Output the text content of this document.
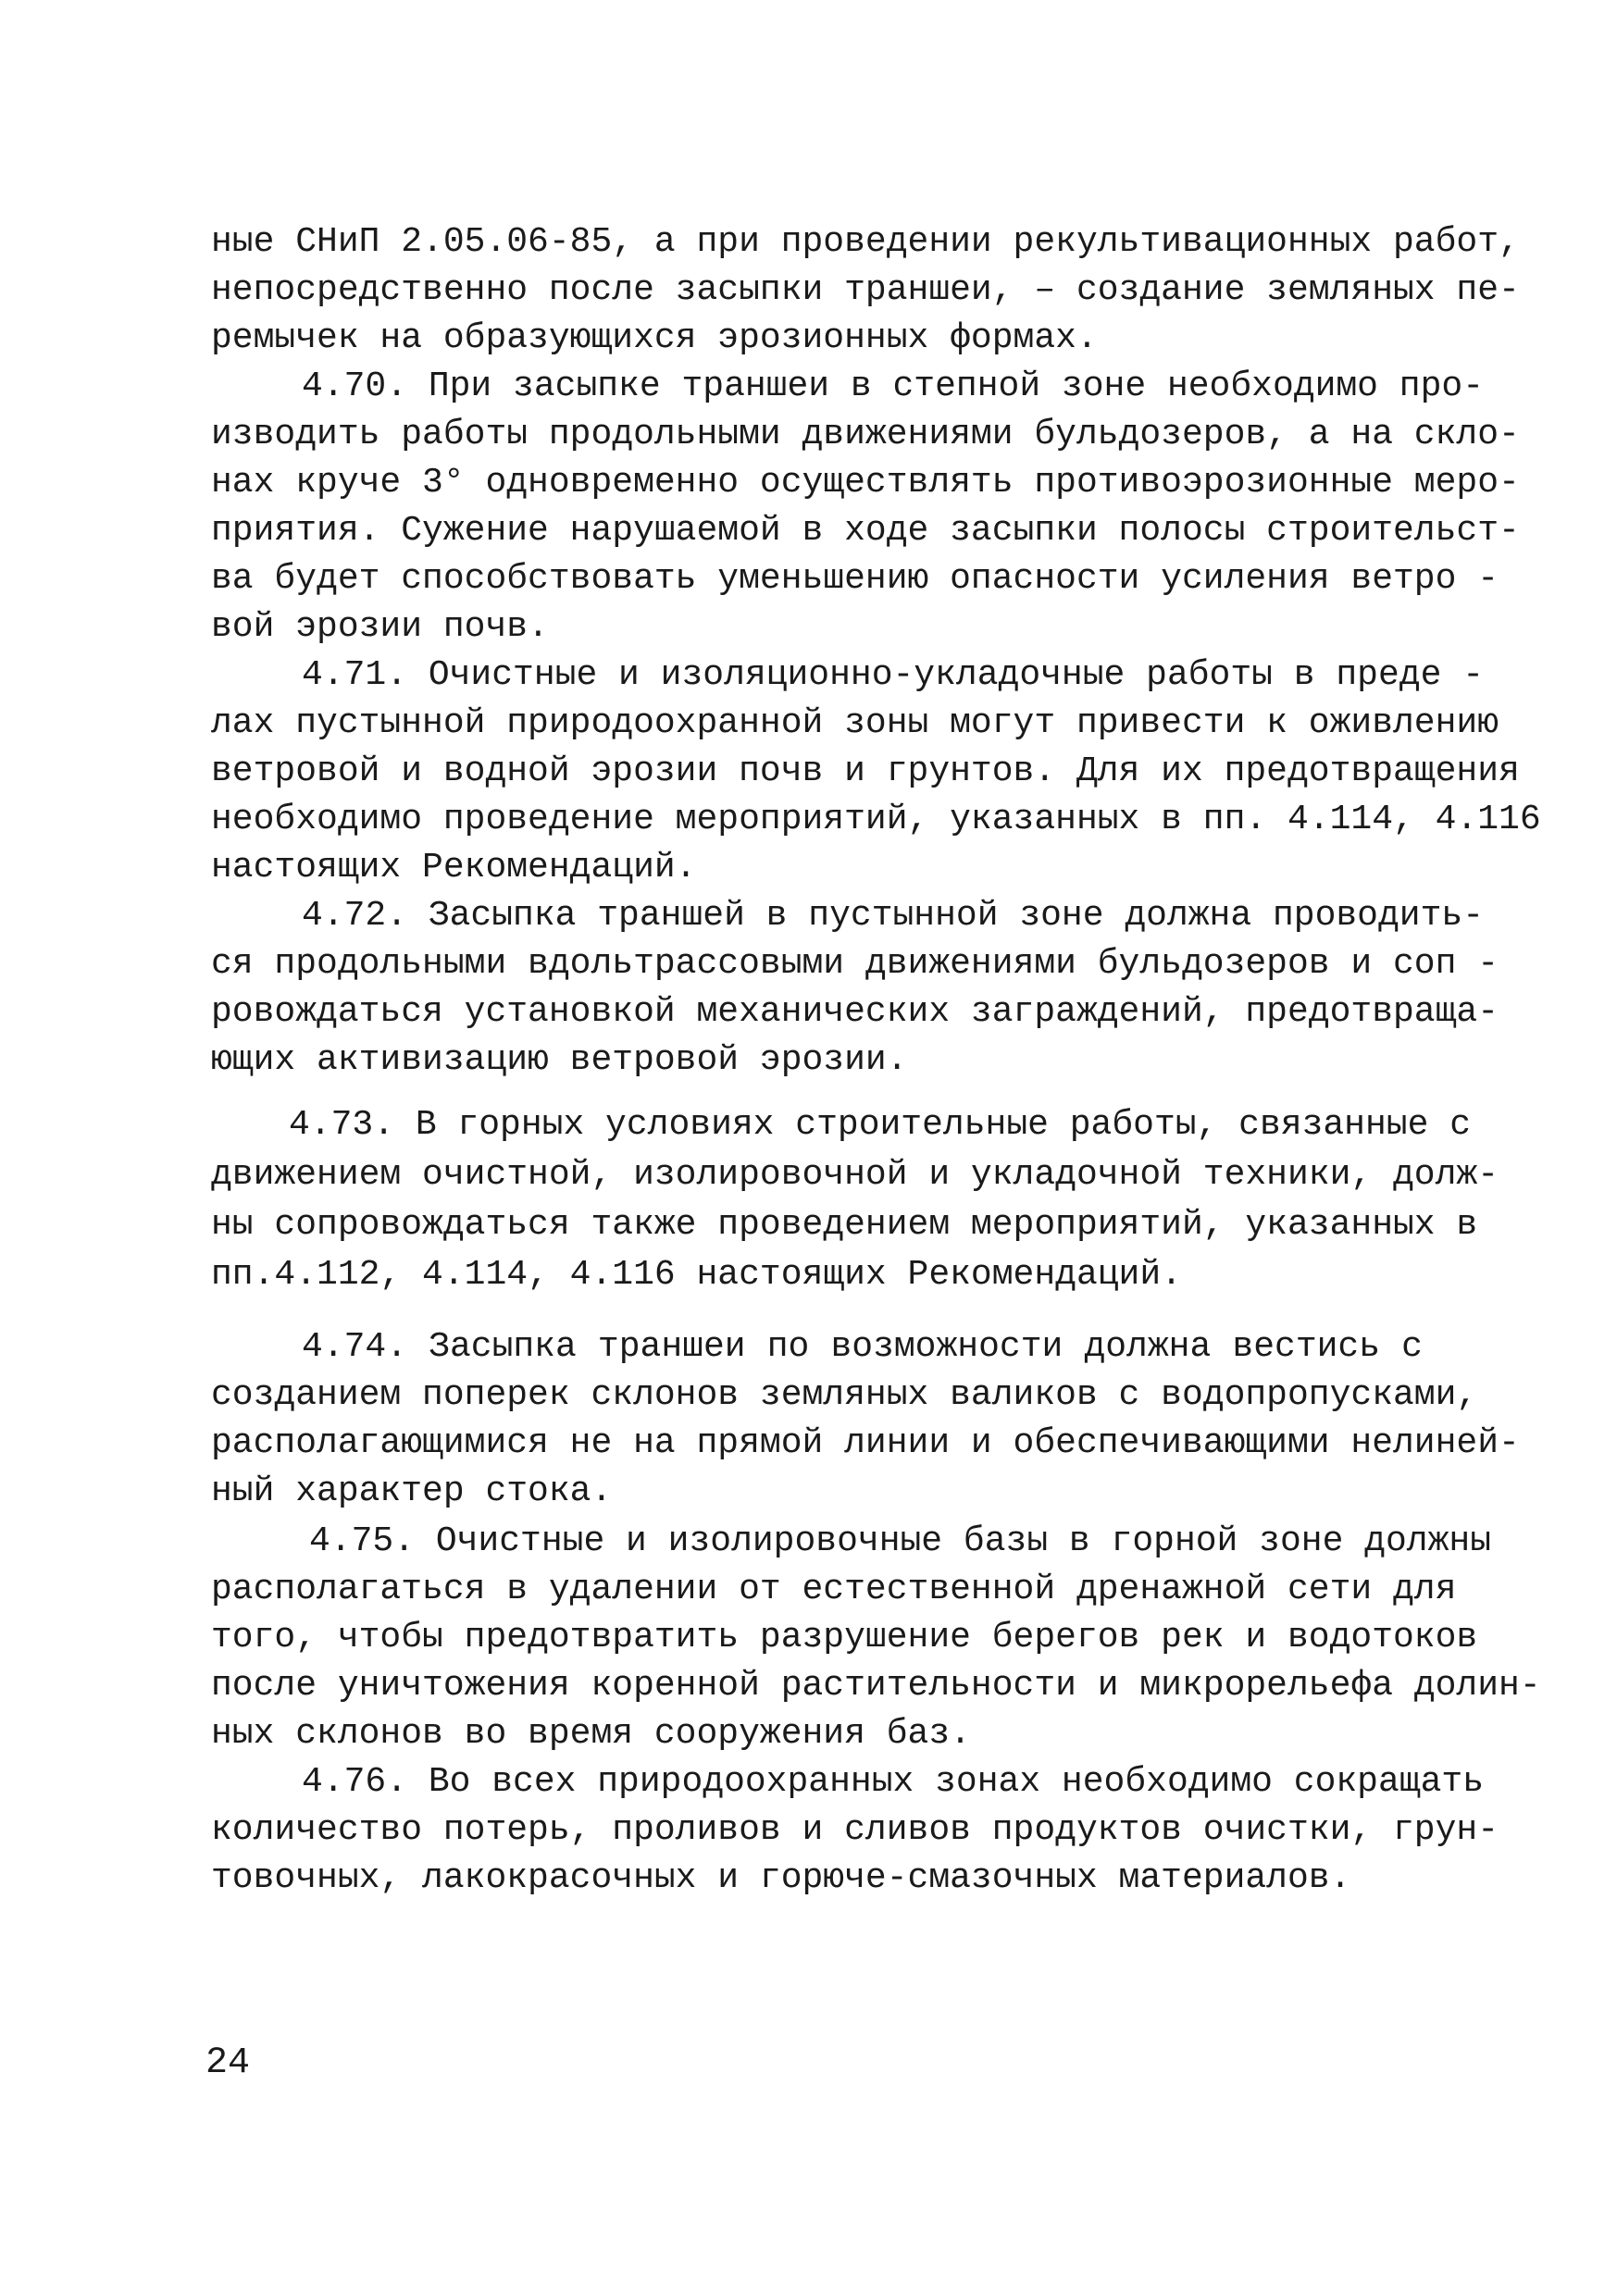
ные СНиП 2.05.06-85, а при проведении рекультивационных работ,
непосредственно после засыпки траншеи, – создание земляных пе-
ремычек на образующихся эрозионных формах.
4.70. При засыпке траншеи в степной зоне необходимо про-
изводить работы продольными движениями бульдозеров, а на скло-
нах круче 3° одновременно осуществлять противоэрозионные меро-
приятия. Сужение нарушаемой в ходе засыпки полосы строительст-
ва будет способствовать уменьшению опасности усиления ветро -
вой эрозии почв.
4.71. Очистные и изоляционно-укладочные работы в преде -
лах пустынной природоохранной зоны могут привести к оживлению
ветровой и водной эрозии почв и грунтов. Для их предотвращения
необходимо проведение мероприятий, указанных в пп. 4.114, 4.116
настоящих Рекомендаций.
4.72. Засыпка траншей в пустынной зоне должна проводить-
ся продольными вдольтрассовыми движениями бульдозеров и соп -
ровождаться установкой механических заграждений, предотвраща-
ющих активизацию ветровой эрозии.
4.73. В горных условиях строительные работы, связанные с
движением очистной, изолировочной и укладочной техники, долж-
ны сопровождаться также проведением мероприятий, указанных в
пп.4.112, 4.114, 4.116 настоящих Рекомендаций.
4.74. Засыпка траншеи по возможности должна вестись с
созданием поперек склонов земляных валиков с водопропусками,
располагающимися не на прямой линии и обеспечивающими нелиней-
ный характер стока.
4.75. Очистные и изолировочные базы в горной зоне должны
располагаться в удалении от естественной дренажной сети для
того, чтобы предотвратить разрушение берегов рек и водотоков
после уничтожения коренной растительности и микрорельефа долин-
ных склонов во время сооружения баз.
4.76. Во всех природоохранных зонах необходимо сокращать
количество потерь, проливов и сливов продуктов очистки, грун-
товочных, лакокрасочных и горюче-смазочных материалов.
24
